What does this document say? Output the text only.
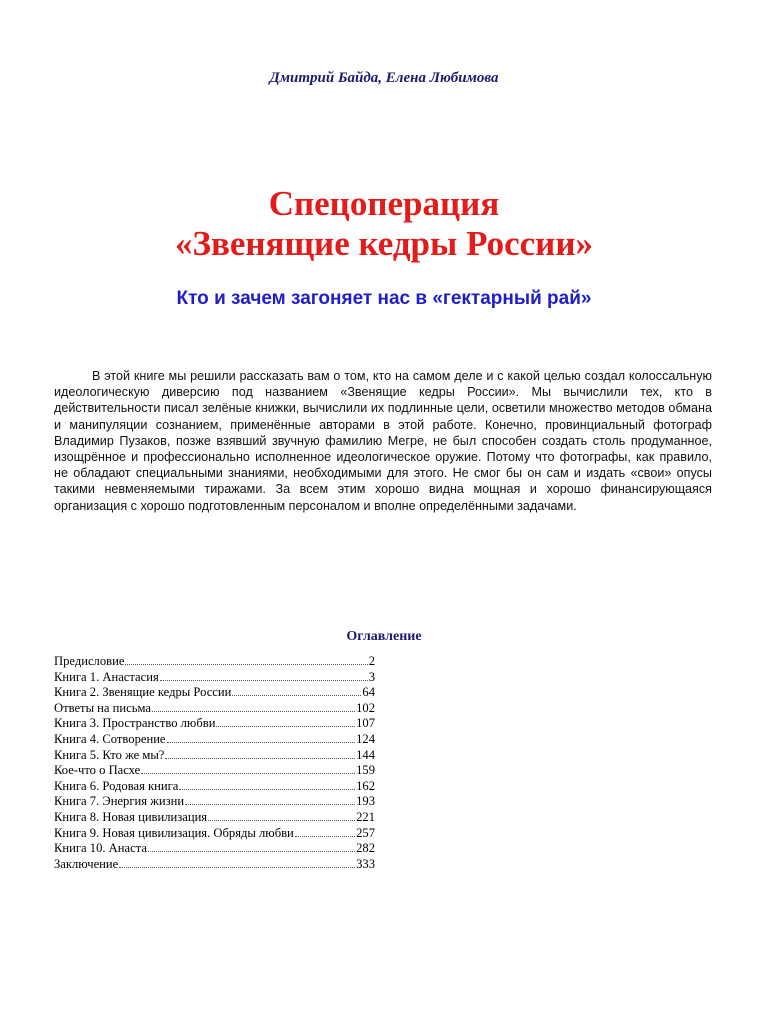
Дмитрий Байда, Елена Любимова
Спецоперация
«Звенящие кедры России»
Кто и зачем загоняет нас в «гектарный рай»

В этой книге мы решили рассказать вам о том, кто на самом деле и с какой целью создал колоссальную идеологическую диверсию под названием «Звенящие кедры России». Мы вычислили тех, кто в действительности писал зелёные книжки, вычислили их подлинные цели, осветили множество методов обмана и манипуляции сознанием, применённые авторами в этой работе. Конечно, провинциальный фотограф Владимир Пузаков, позже взявший звучную фамилию Мегре, не был способен создать столь продуманное, изощрённое и профессионально исполненное идеологическое оружие. Потому что фотографы, как правило, не обладают специальными знаниями, необходимыми для этого. Не смог бы он сам и издать «свои» опусы такими невменяемыми тиражами. За всем этим хорошо видна мощная и хорошо финансирующаяся организация с хорошо подготовленным персоналом и вполне определёнными задачами.

Оглавление
Предисловие	2
Книга 1. Анастасия	3
Книга 2. Звенящие кедры России	64
Ответы на письма	102
Книга 3. Пространство любви	107
Книга 4. Сотворение	124
Книга 5. Кто же мы?	144
Кое-что о Пасхе	159
Книга 6. Родовая книга	162
Книга 7. Энергия жизни	193
Книга 8. Новая цивилизация	221
Книга 9. Новая цивилизация. Обряды любви	257
Книга 10. Анаста	282
Заключение	333
